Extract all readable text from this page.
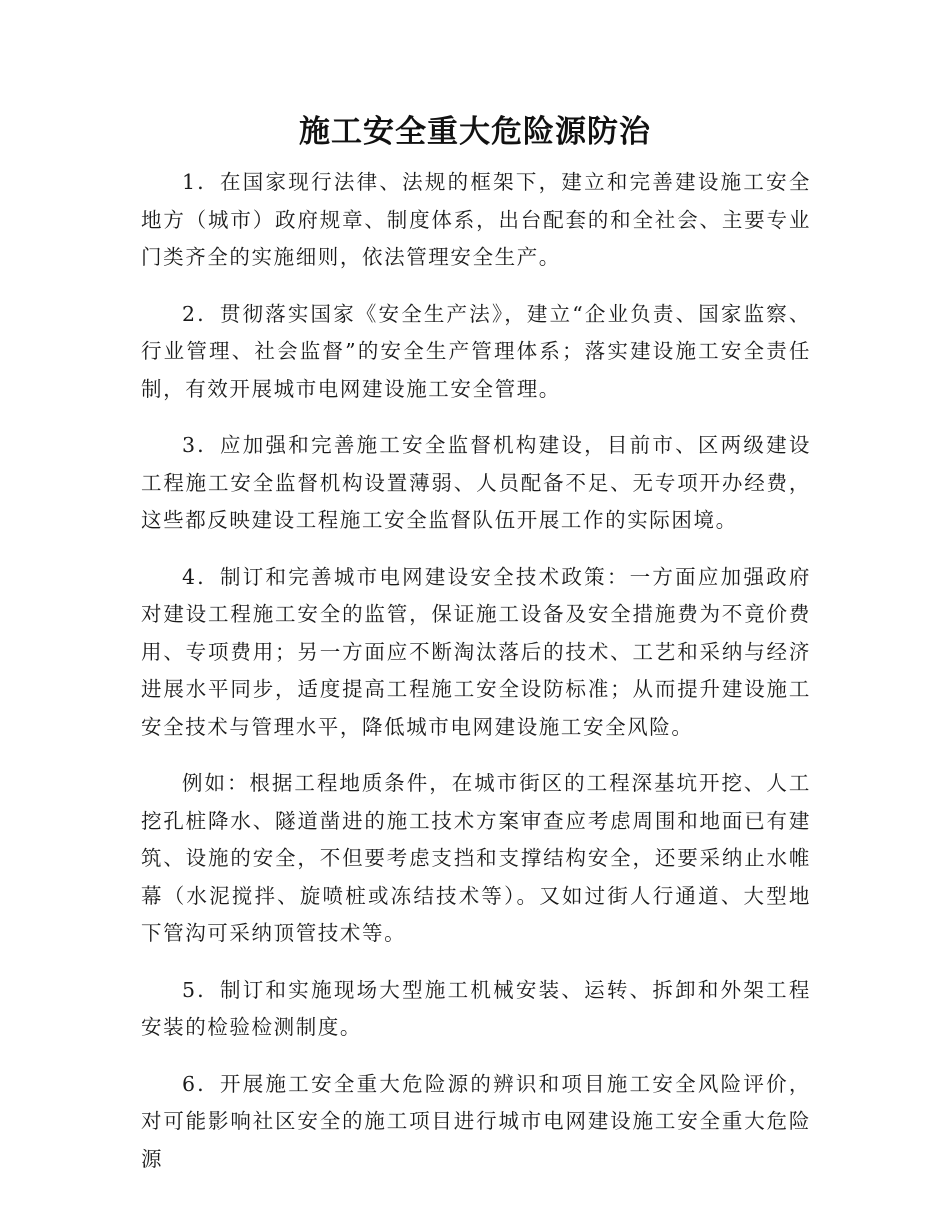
施工安全重大危险源防治

1．在国家现行法律、法规的框架下，建立和完善建设施工安全地方（城市）政府规章、制度体系，出台配套的和全社会、主要专业门类齐全的实施细则，依法管理安全生产。

2．贯彻落实国家《安全生产法》，建立“企业负责、国家监察、行业管理、社会监督”的安全生产管理体系；落实建设施工安全责任制，有效开展城市电网建设施工安全管理。

3．应加强和完善施工安全监督机构建设，目前市、区两级建设工程施工安全监督机构设置薄弱、人员配备不足、无专项开办经费，这些都反映建设工程施工安全监督队伍开展工作的实际困境。

4．制订和完善城市电网建设安全技术政策：一方面应加强政府对建设工程施工安全的监管，保证施工设备及安全措施费为不竟价费用、专项费用；另一方面应不断淘汰落后的技术、工艺和采纳与经济进展水平同步，适度提高工程施工安全设防标准；从而提升建设施工安全技术与管理水平，降低城市电网建设施工安全风险。

例如：根据工程地质条件，在城市街区的工程深基坑开挖、人工挖孔桩降水、隧道凿进的施工技术方案审查应考虑周围和地面已有建筑、设施的安全，不但要考虑支挡和支撑结构安全，还要采纳止水帷幕（水泥搅拌、旋喷桩或冻结技术等）。又如过街人行通道、大型地下管沟可采纳顶管技术等。

5．制订和实施现场大型施工机械安装、运转、拆卸和外架工程安装的检验检测制度。

6．开展施工安全重大危险源的辨识和项目施工安全风险评价，对可能影响社区安全的施工项目进行城市电网建设施工安全重大危险源
